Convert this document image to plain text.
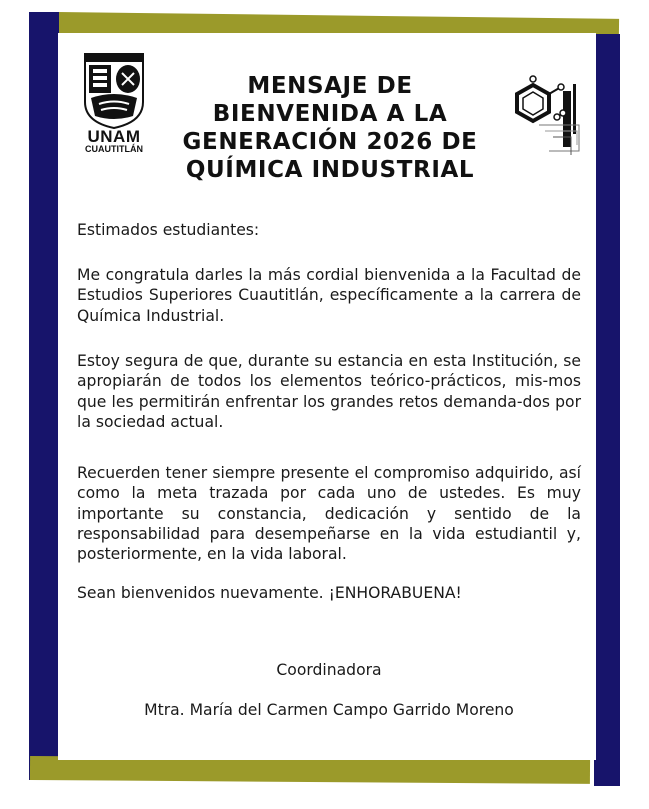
UNAM
CUAUTITLÁN
MENSAJE DE
BIENVENIDA A LA
GENERACIÓN 2026 DE
QUÍMICA INDUSTRIAL

Estimados estudiantes:

Me congratula darles la más cordial bienvenida a la Facultad de Estudios Superiores Cuautitlán, específicamente a la carrera de Química Industrial.

Estoy segura de que, durante su estancia en esta Institución, se apropiarán de todos los elementos teórico-prácticos, mis-mos que les permitirán enfrentar los grandes retos demanda-dos por la sociedad actual.

Recuerden tener siempre presente el compromiso adquirido, así como la meta trazada por cada uno de ustedes. Es muy importante su constancia, dedicación y sentido de la responsabilidad para desempeñarse en la vida estudiantil y, posteriormente, en la vida laboral.

Sean bienvenidos nuevamente. ¡ENHORABUENA!

Coordinadora

Mtra. María del Carmen Campo Garrido Moreno
